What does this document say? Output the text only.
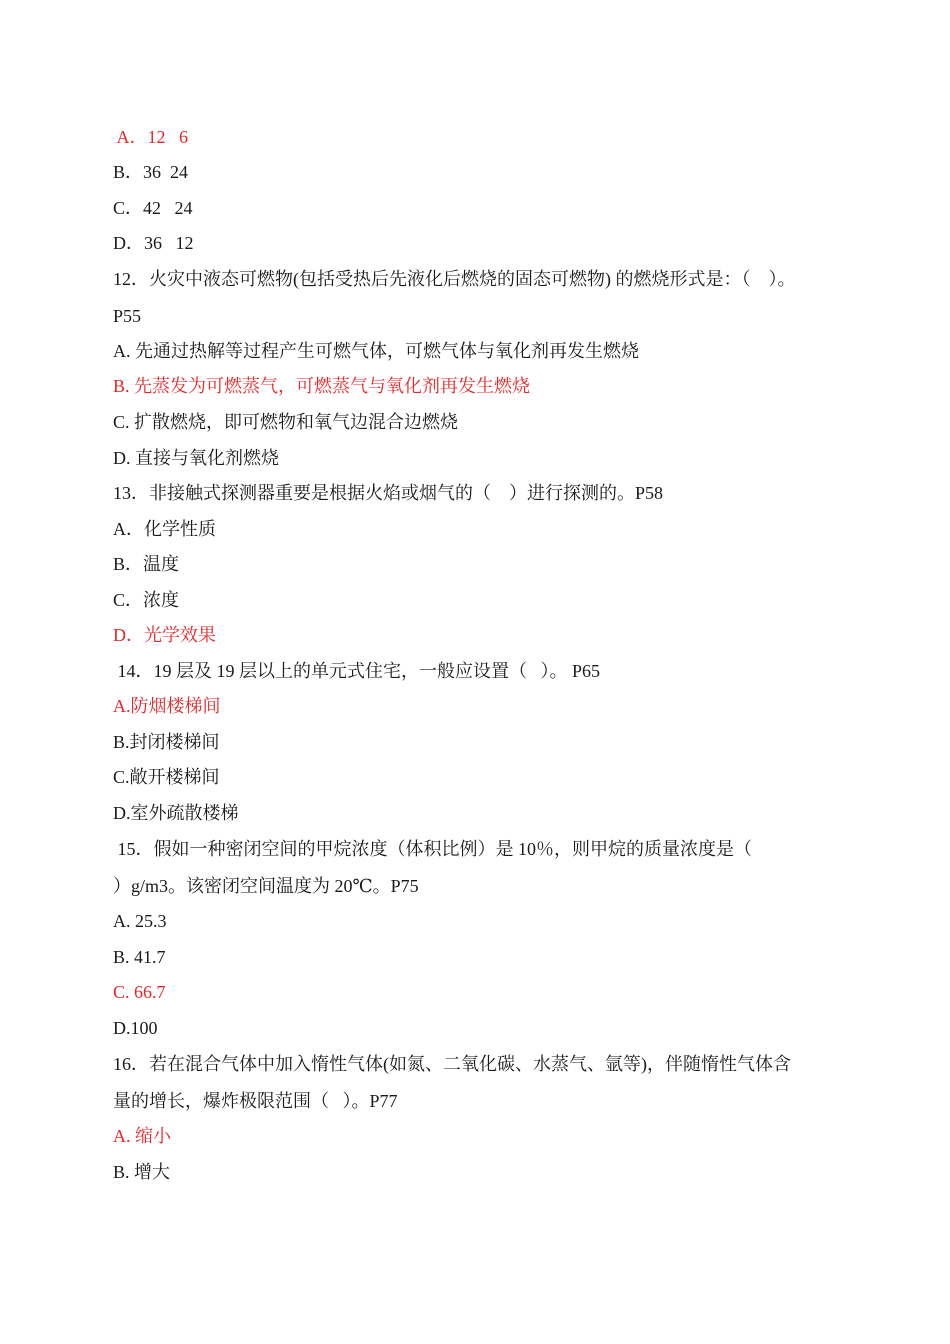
A．12   6
B．36  24
C．42   24
D．36   12
12．火灾中液态可燃物(包括受热后先液化后燃烧的固态可燃物) 的燃烧形式是：（    ）。
P55
A. 先通过热解等过程产生可燃气体，可燃气体与氧化剂再发生燃烧
B. 先蒸发为可燃蒸气，可燃蒸气与氧化剂再发生燃烧
C. 扩散燃烧，即可燃物和氧气边混合边燃烧
D. 直接与氧化剂燃烧
13．非接触式探测器重要是根据火焰或烟气的（    ）进行探测的。P58
A．化学性质
B．温度
C．浓度
D．光学效果
14．19 层及 19 层以上的单元式住宅，一般应设置（   ）。 P65
A.防烟楼梯间
B.封闭楼梯间
C.敞开楼梯间
D.室外疏散楼梯
15．假如一种密闭空间的甲烷浓度（体积比例）是 10％，则甲烷的质量浓度是（
）g/m3。该密闭空间温度为 20℃。P75
A. 25.3
B. 41.7
C. 66.7
D.100
16．若在混合气体中加入惰性气体(如氮、二氧化碳、水蒸气、氩等)，伴随惰性气体含
量的增长，爆炸极限范围（   ）。P77
A. 缩小
B. 增大
